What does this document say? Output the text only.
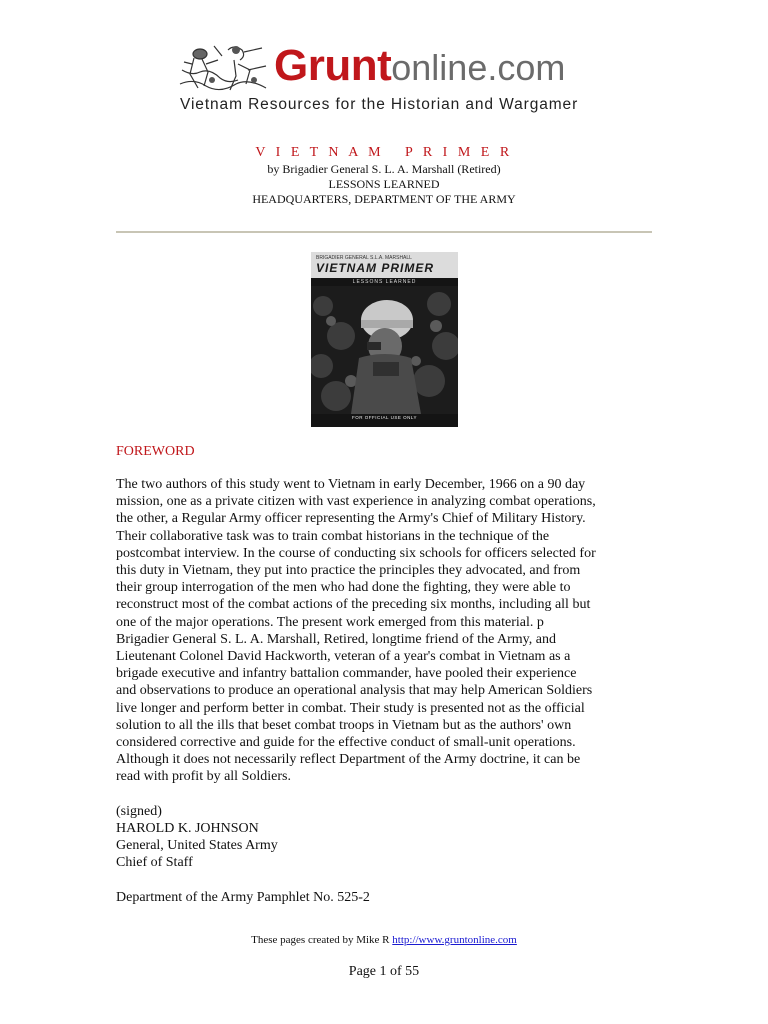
Gruntonline.com
Vietnam Resources for the Historian and Wargamer
V I E T N A M   P R I M E R
by Brigadier General S. L. A. Marshall (Retired)
LESSONS LEARNED
HEADQUARTERS, DEPARTMENT OF THE ARMY
BRIGADIER GENERAL S.L.A. MARSHALL
VIETNAM PRIMER
LESSONS LEARNED
FOR OFFICIAL USE ONLY
FOREWORD

The two authors of this study went to Vietnam in early December, 1966 on a 90 day

mission, one as a private citizen with vast experience in analyzing combat operations,

the other, a Regular Army officer representing the Army's Chief of Military History.

Their collaborative task was to train combat historians in the technique of the

postcombat interview. In the course of conducting six schools for officers selected for

this duty in Vietnam, they put into practice the principles they advocated, and from

their group interrogation of the men who had done the fighting, they were able to

reconstruct most of the combat actions of the preceding six months, including all but

one of the major operations. The present work emerged from this material. p

Brigadier General S. L. A. Marshall, Retired, longtime friend of the Army, and

Lieutenant Colonel David Hackworth, veteran of a year's combat in Vietnam as a

brigade executive and infantry battalion commander, have pooled their experience

and observations to produce an operational analysis that may help American Soldiers

live longer and perform better in combat. Their study is presented not as the official

solution to all the ills that beset combat troops in Vietnam but as the authors' own

considered corrective and guide for the effective conduct of small-unit operations.

Although it does not necessarily reflect Department of the Army doctrine, it can be

read with profit by all Soldiers.

(signed)

HAROLD K. JOHNSON

General, United States Army

Chief of Staff

Department of the Army Pamphlet No. 525-2

These pages created by Mike R http://www.gruntonline.com
Page 1 of 55
